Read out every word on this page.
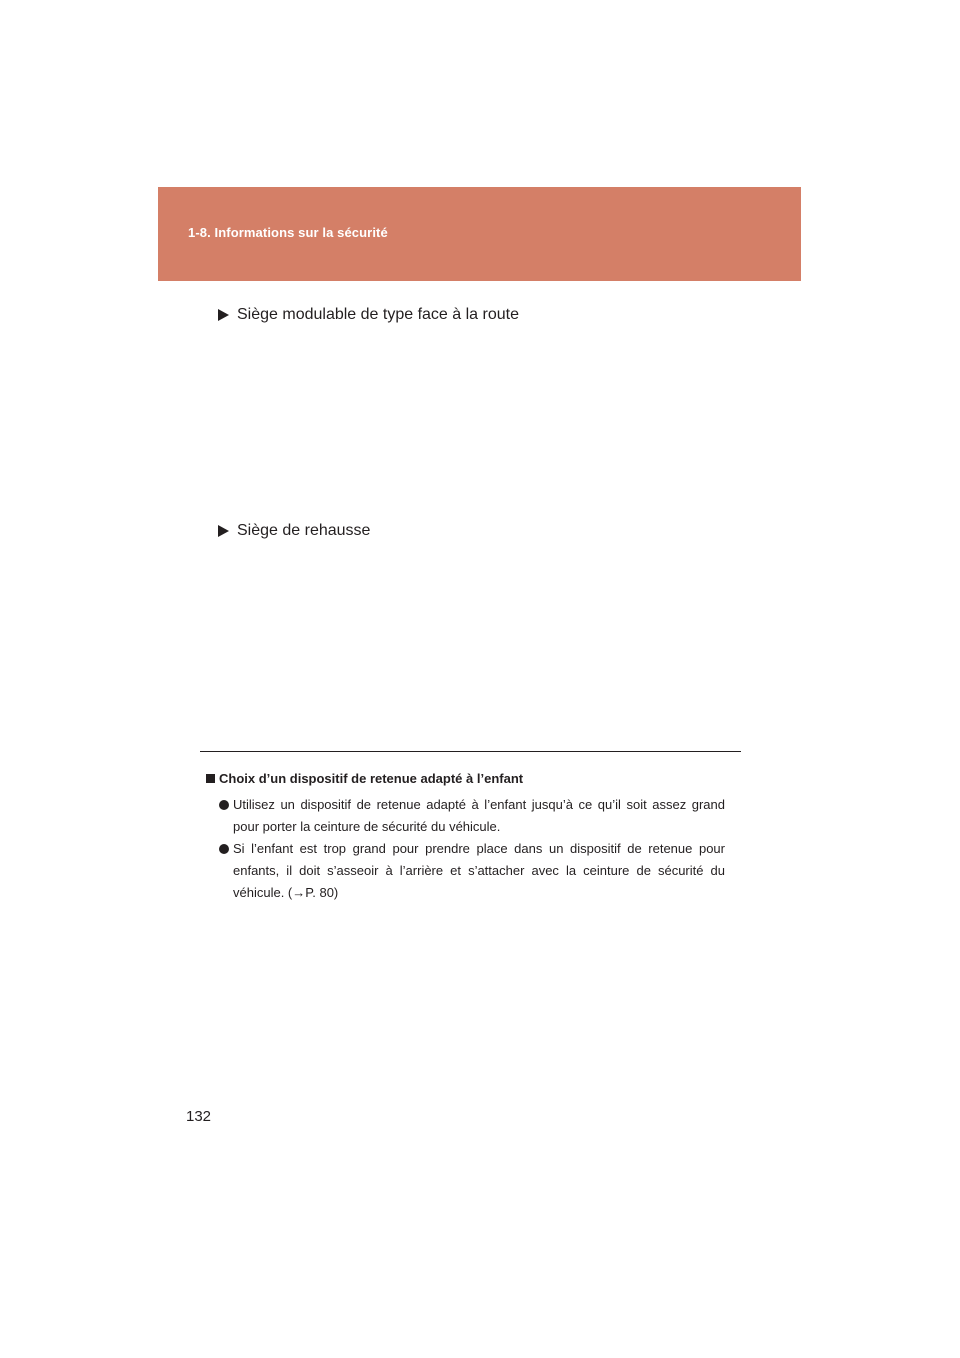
1-8. Informations sur la sécurité
Siège modulable de type face à la route
Siège de rehausse
Choix d’un dispositif de retenue adapté à l’enfant
Utilisez un dispositif de retenue adapté à l’enfant jusqu’à ce qu’il soit assez grand pour porter la ceinture de sécurité du véhicule.
Si l’enfant est trop grand pour prendre place dans un dispositif de retenue pour enfants, il doit s’asseoir à l’arrière et s’attacher avec la ceinture de sécurité du véhicule. (→P. 80)
132
